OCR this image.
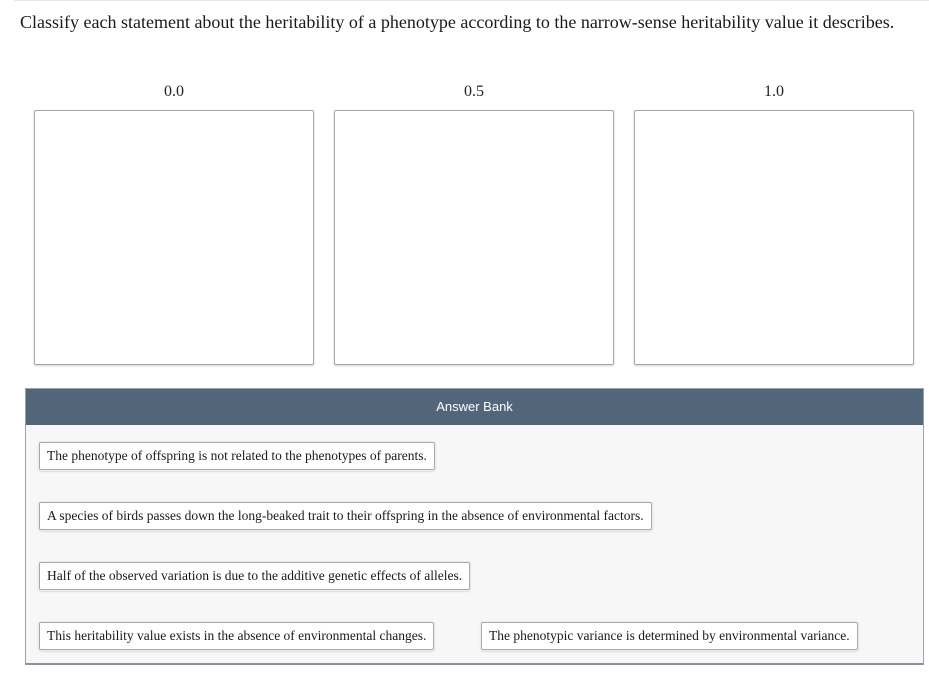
Classify each statement about the heritability of a phenotype according to the narrow-sense heritability value it describes.
0.0	0.5	1.0
Answer Bank
The phenotype of offspring is not related to the phenotypes of parents.
A species of birds passes down the long-beaked trait to their offspring in the absence of environmental factors.
Half of the observed variation is due to the additive genetic effects of alleles.
This heritability value exists in the absence of environmental changes.	The phenotypic variance is determined by environmental variance.
